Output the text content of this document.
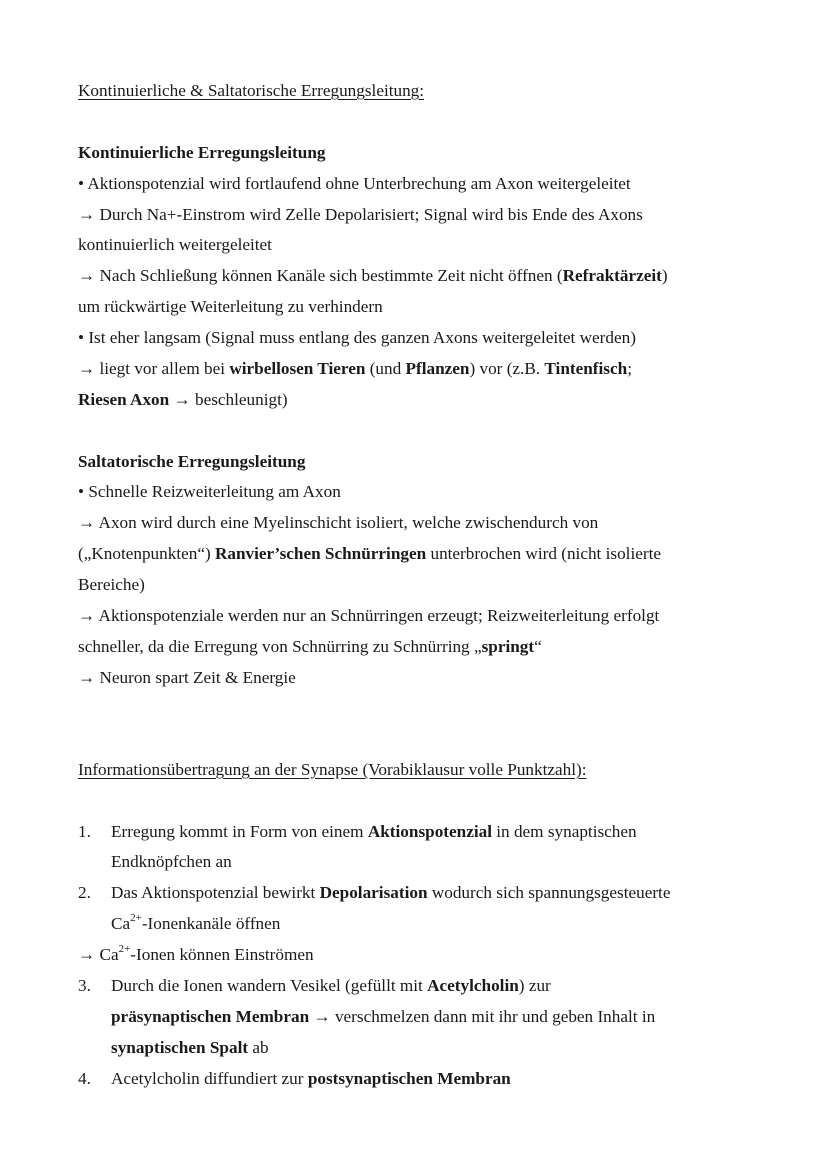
Kontinuierliche & Saltatorische Erregungsleitung:
Kontinuierliche Erregungsleitung
• Aktionspotenzial wird fortlaufend ohne Unterbrechung am Axon weitergeleitet
→ Durch Na+-Einstrom wird Zelle Depolarisiert; Signal wird bis Ende des Axons
kontinuierlich weitergeleitet
→ Nach Schließung können Kanäle sich bestimmte Zeit nicht öffnen (Refraktärzeit)
um rückwärtige Weiterleitung zu verhindern
• Ist eher langsam (Signal muss entlang des ganzen Axons weitergeleitet werden)
→ liegt vor allem bei wirbellosen Tieren (und Pflanzen) vor (z.B. Tintenfisch;
Riesen Axon → beschleunigt)
Saltatorische Erregungsleitung
• Schnelle Reizweiterleitung am Axon
→ Axon wird durch eine Myelinschicht isoliert, welche zwischendurch von
(„Knotenpunkten“) Ranvier’schen Schnürringen unterbrochen wird (nicht isolierte
Bereiche)
→ Aktionspotenziale werden nur an Schnürringen erzeugt; Reizweiterleitung erfolgt
schneller, da die Erregung von Schnürring zu Schnürring „springt“
→ Neuron spart Zeit & Energie
Informationsübertragung an der Synapse (Vorabiklausur volle Punktzahl):
1. Erregung kommt in Form von einem Aktionspotenzial in dem synaptischen
Endknöpfchen an
2. Das Aktionspotenzial bewirkt Depolarisation wodurch sich spannungsgesteuerte
$Ca^{2+}$-Ionenkanäle öffnen
→ $Ca^{2+}$-Ionen können Einströmen
3. Durch die Ionen wandern Vesikel (gefüllt mit Acetylcholin) zur
präsynaptischen Membran → verschmelzen dann mit ihr und geben Inhalt in
synaptischen Spalt ab
4. Acetylcholin diffundiert zur postsynaptischen Membran
